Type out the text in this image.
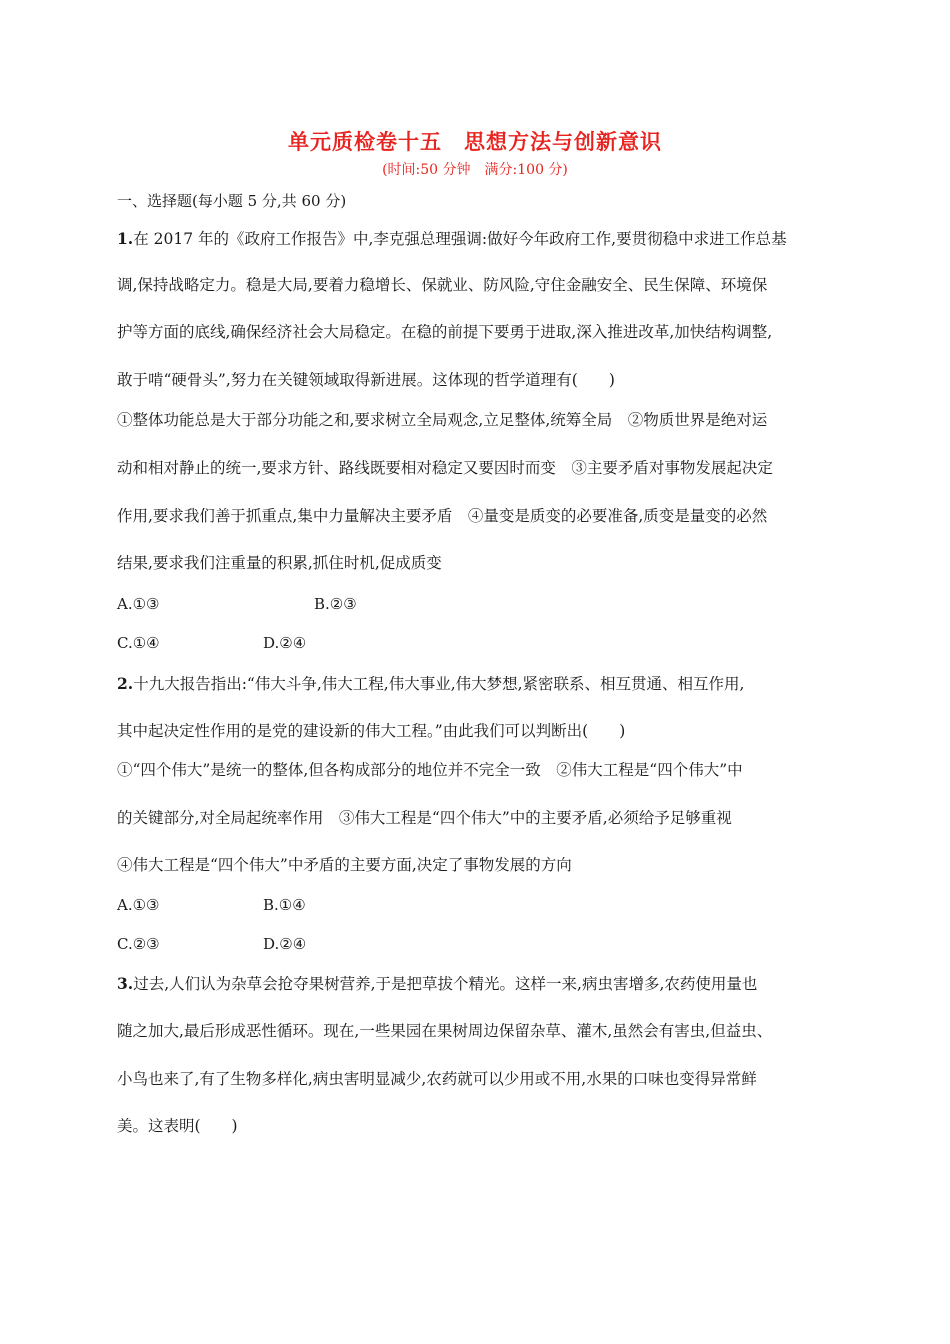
单元质检卷十五　思想方法与创新意识
(时间:50 分钟　满分:100 分)
一、选择题(每小题 5 分,共 60 分)
1.在 2017 年的《政府工作报告》中,李克强总理强调:做好今年政府工作,要贯彻稳中求进工作总基
调,保持战略定力。稳是大局,要着力稳增长、保就业、防风险,守住金融安全、民生保障、环境保
护等方面的底线,确保经济社会大局稳定。在稳的前提下要勇于进取,深入推进改革,加快结构调整,
敢于啃“硬骨头”,努力在关键领域取得新进展。这体现的哲学道理有(　　)
①整体功能总是大于部分功能之和,要求树立全局观念,立足整体,统筹全局　②物质世界是绝对运
动和相对静止的统一,要求方针、路线既要相对稳定又要因时而变　③主要矛盾对事物发展起决定
作用,要求我们善于抓重点,集中力量解决主要矛盾　④量变是质变的必要准备,质变是量变的必然
结果,要求我们注重量的积累,抓住时机,促成质变
A.①③	B.②③
C.①④	D.②④
2.十九大报告指出:“伟大斗争,伟大工程,伟大事业,伟大梦想,紧密联系、相互贯通、相互作用,
其中起决定性作用的是党的建设新的伟大工程。”由此我们可以判断出(　　)
①“四个伟大”是统一的整体,但各构成部分的地位并不完全一致　②伟大工程是“四个伟大”中
的关键部分,对全局起统率作用　③伟大工程是“四个伟大”中的主要矛盾,必须给予足够重视
④伟大工程是“四个伟大”中矛盾的主要方面,决定了事物发展的方向
A.①③	B.①④
C.②③	D.②④
3.过去,人们认为杂草会抢夺果树营养,于是把草拔个精光。这样一来,病虫害增多,农药使用量也
随之加大,最后形成恶性循环。现在,一些果园在果树周边保留杂草、灌木,虽然会有害虫,但益虫、
小鸟也来了,有了生物多样化,病虫害明显减少,农药就可以少用或不用,水果的口味也变得异常鲜
美。这表明(　　)
